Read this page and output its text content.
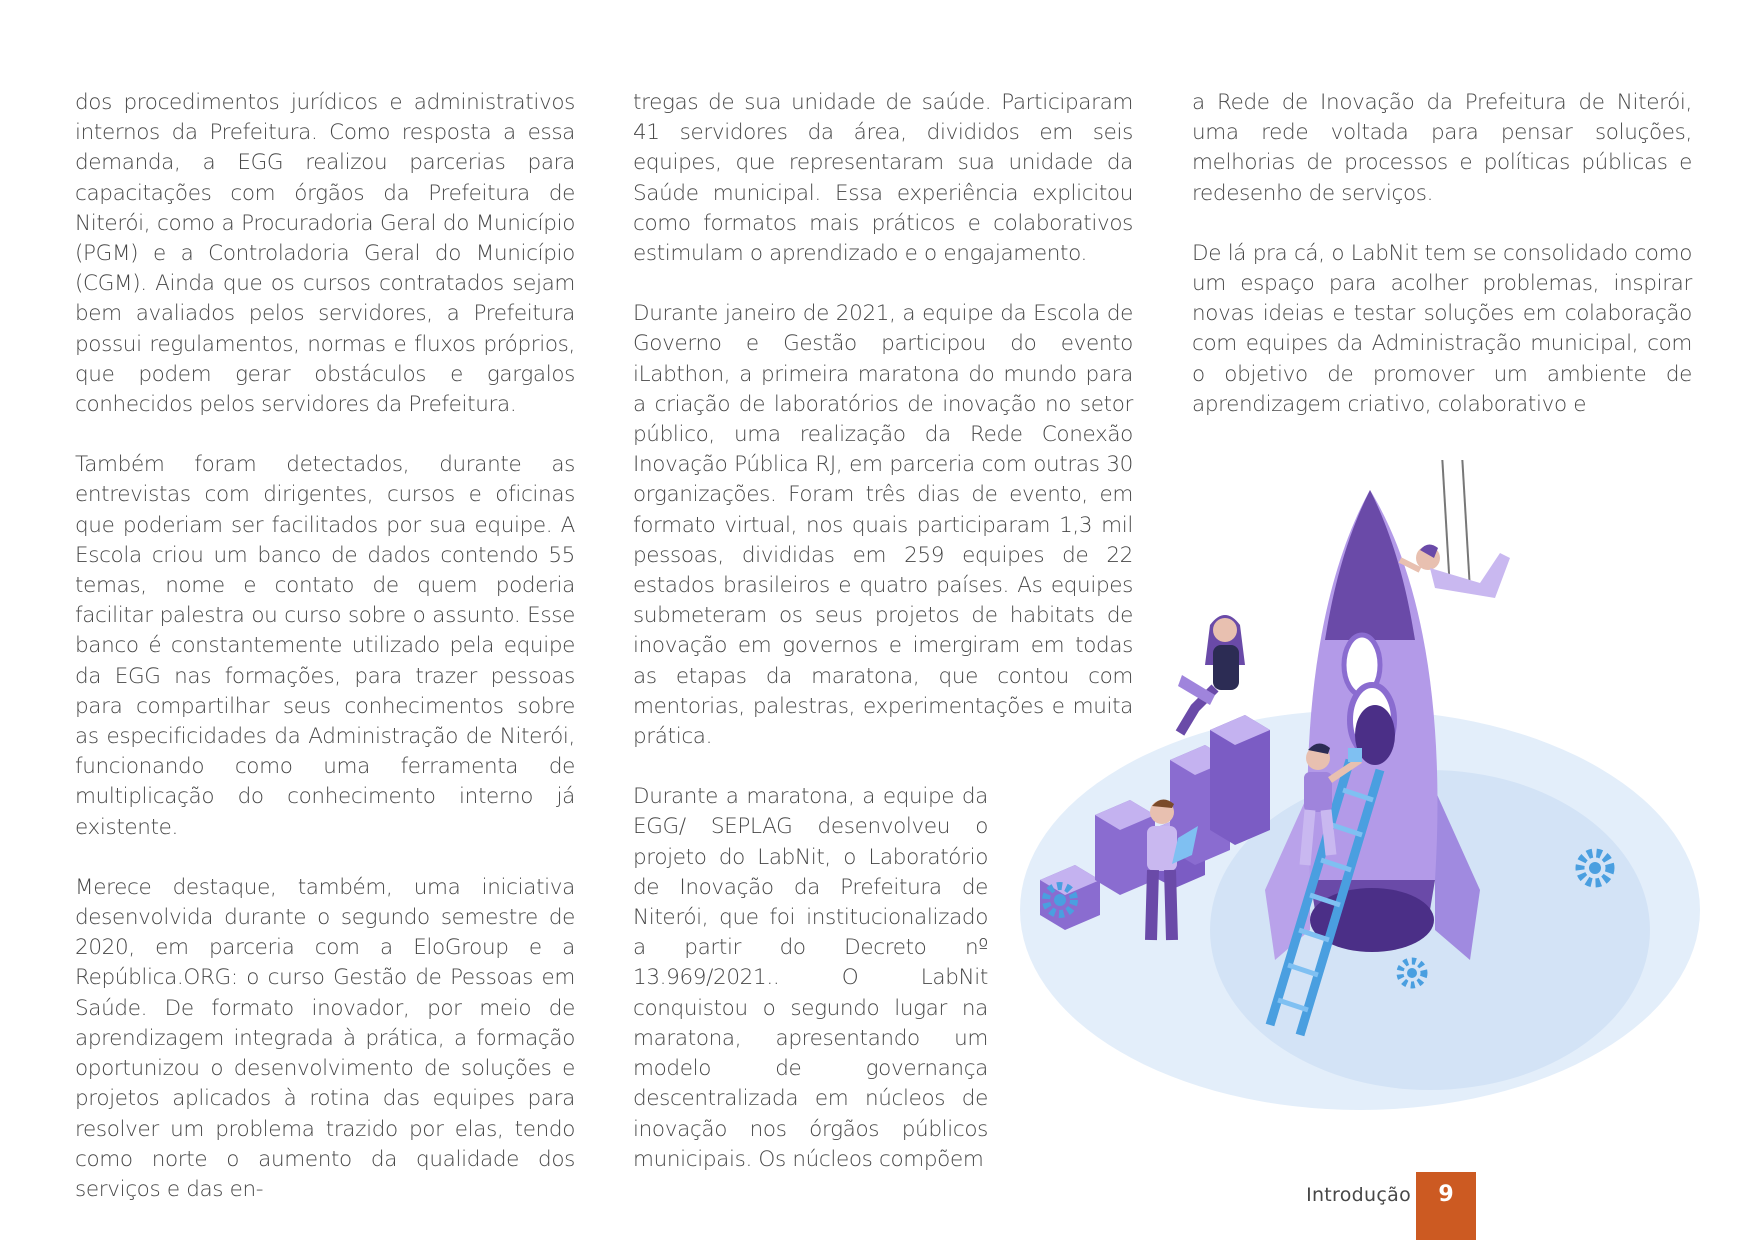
dos procedimentos jurídicos e administrativos internos da Prefeitura. Como resposta a essa demanda, a EGG realizou parcerias para capacitações com órgãos da Prefeitura de Niterói, como a Procuradoria Geral do Município (PGM) e a Controladoria Geral do Município (CGM). Ainda que os cursos contratados sejam bem avaliados pelos servidores, a Prefeitura possui regulamentos, normas e fluxos próprios, que podem gerar obstáculos e gargalos conhecidos pelos servidores da Prefeitura.

Também foram detectados, durante as entrevistas com dirigentes, cursos e oficinas que poderiam ser facilitados por sua equipe. A Escola criou um banco de dados contendo 55 temas, nome e contato de quem poderia facilitar palestra ou curso sobre o assunto. Esse banco é constantemente utilizado pela equipe da EGG nas formações, para trazer pessoas para compartilhar seus conhecimentos sobre as especificidades da Administração de Niterói, funcionando como uma ferramenta de multiplicação do conhecimento interno já existente.

Merece destaque, também, uma iniciativa desenvolvida durante o segundo semestre de 2020, em parceria com a EloGroup e a República.ORG: o curso Gestão de Pessoas em Saúde. De formato inovador, por meio de aprendizagem integrada à prática, a formação oportunizou o desenvolvimento de soluções e projetos aplicados à rotina das equipes para resolver um problema trazido por elas, tendo como norte o aumento da qualidade dos serviços e das en-

tregas de sua unidade de saúde. Participaram 41 servidores da área, divididos em seis equipes, que representaram sua unidade da Saúde municipal. Essa experiência explicitou como formatos mais práticos e colaborativos estimulam o aprendizado e o engajamento.

Durante janeiro de 2021, a equipe da Escola de Governo e Gestão participou do evento iLabthon, a primeira maratona do mundo para a criação de laboratórios de inovação no setor público, uma realização da Rede Conexão Inovação Pública RJ, em parceria com outras 30 organizações. Foram três dias de evento, em formato virtual, nos quais participaram 1,3 mil pessoas, divididas em 259 equipes de 22 estados brasileiros e quatro países. As equipes submeteram os seus projetos de habitats de inovação em governos e imergiram em todas as etapas da maratona, que contou com mentorias, palestras, experimentações e muita prática.

Durante a maratona, a equipe da EGG/ SEPLAG desenvolveu o projeto do LabNit, o Laboratório de Inovação da Prefeitura de Niterói, que foi institucionalizado a partir do Decreto nº 13.969/2021.. O LabNit conquistou o segundo lugar na maratona, apresentando um modelo de governança descentralizada em núcleos de inovação nos órgãos públicos municipais. Os núcleos compõem

a Rede de Inovação da Prefeitura de Niterói, uma rede voltada para pensar soluções, melhorias de processos e políticas públicas e redesenho de serviços.

De lá pra cá, o LabNit tem se consolidado como um espaço para acolher problemas, inspirar novas ideias e testar soluções em colaboração com equipes da Administração municipal, com o objetivo de promover um ambiente de aprendizagem criativo, colaborativo e

Introdução	9
